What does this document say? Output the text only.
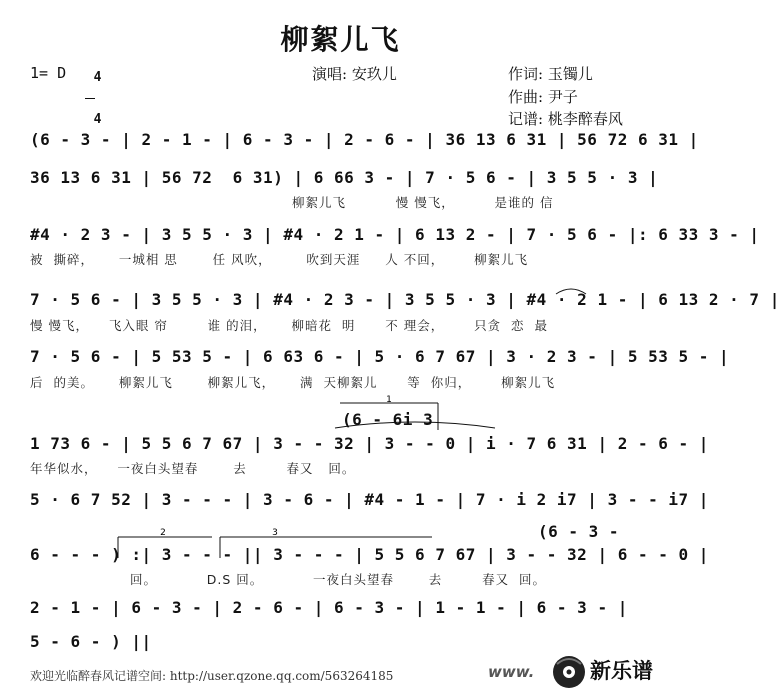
柳絮儿飞
1= D	4

4

演唱: 安玖儿	作词: 玉镯儿
作曲: 尹子
记谱: 桃李醉春风
(6 - 3 - | 2 - 1 - | 6 - 3 - | 2 - 6 - | 36 13 6 31 | 56 72 6 31 |
36 13 6 31 | 56 72  6 31) | 6 66 3 - | 7 · 5 6 - | 3 5 5 · 3 |
柳絮儿飞          慢 慢飞，        是谁的 信
#4 · 2 3 - | 3 5 5 · 3 | #4 · 2 1 - | 6 13 2 - | 7 · 5 6 - |: 6 33 3 - |
被  撕碎，     一城相 思       任 风吹，       吹到天涯     人 不回，      柳絮儿飞
7 · 5 6 - | 3 5 5 · 3 | #4 · 2 3 - | 3 5 5 · 3 | #4 · 2 1 - | 6 13 2 · 7 |
慢 慢飞，    飞入眼 帘        谁 的泪，     柳暗花  明      不 理会，      只贪  恋  最
7 · 5 6 - | 5 53 5 - | 6 63 6 - | 5 · 6 7 67 | 3 · 2 3 - | 5 53 5 - |
后  的美。     柳絮儿飞       柳絮儿飞，     满  天柳絮儿      等  你归，      柳絮儿飞
(6 - 6i 3
1 73 6 - | 5 5 6 7 67 | 3 - - 32 | 3 - - 0 | i · 7 6 31 | 2 - 6 - |
年华似水，    一夜白头望春       去        春又   回。
5 · 6 7 52 | 3 - - - | 3 - 6 - | #4 - 1 - | 7 · i 2 i7 | 3 - - i7 |
(6 - 3 -
6 - - - ) :| 3 - - - || 3 - - - | 5 5 6 7 67 | 3 - - 32 | 6 - - 0 |
回。          D.S 回。          一夜白头望春       去        春又  回。
2 - 1 - | 6 - 3 - | 2 - 6 - | 6 - 3 - | 1 - 1 - | 6 - 3 - |
5 - 6 - ) ||
1
2	3
欢迎光临醉春风记谱空间: http://user.qzone.qq.com/563264185	www.	新乐谱
